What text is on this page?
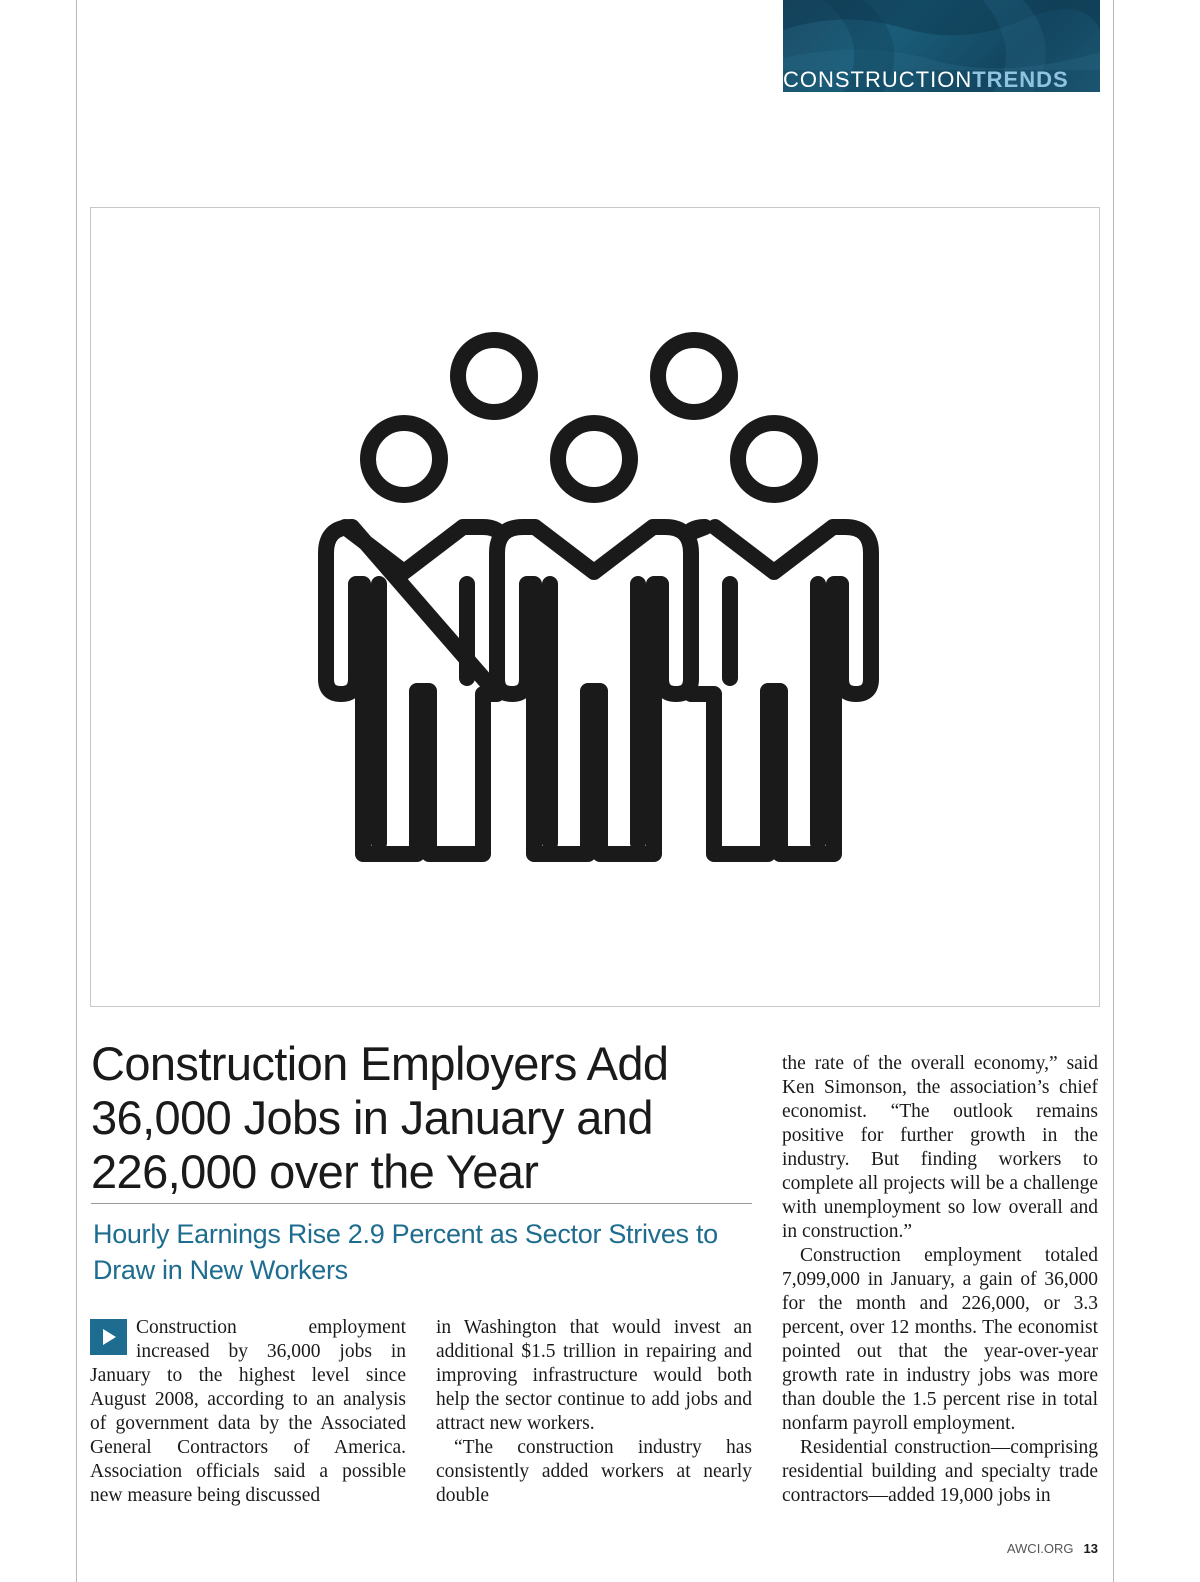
CONSTRUCTIONTRENDS
Construction Employers Add 36,000 Jobs in January and 226,000 over the Year
Hourly Earnings Rise 2.9 Percent as Sector Strives to Draw in New Workers

Construction employment increased by 36,000 jobs in January to the highest level since August 2008, according to an analysis of government data by the Associated General Contractors of America. Association officials said a possible new measure being discussed

in Washington that would invest an additional $1.5 trillion in repairing and improving infrastructure would both help the sector continue to add jobs and attract new workers.

“The construction industry has consistently added workers at nearly double

the rate of the overall economy,” said Ken Simonson, the association’s chief economist. “The outlook remains positive for further growth in the industry. But finding workers to complete all projects will be a challenge with unemployment so low overall and in construction.”

Construction employment totaled 7,099,000 in January, a gain of 36,000 for the month and 226,000, or 3.3 percent, over 12 months. The economist pointed out that the year-over-year growth rate in industry jobs was more than double the 1.5 percent rise in total nonfarm payroll employment.

Residential construction—comprising residential building and specialty trade contractors—added 19,000 jobs in

AWCI.ORG 13
